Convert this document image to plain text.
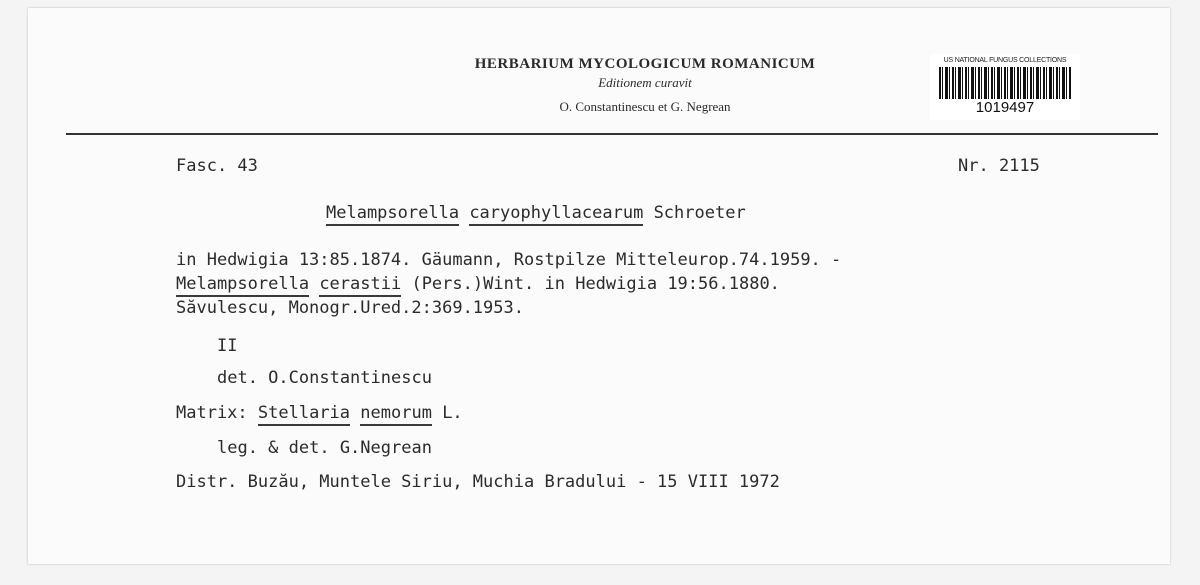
HERBARIUM MYCOLOGICUM ROMANICUM
Editionem curavit
O. Constantinescu et G. Negrean
US NATIONAL FUNGUS COLLECTIONS
1019497
Fasc. 43	Nr. 2115
Melampsorella caryophyllacearum Schroeter
in Hedwigia 13:85.1874. Gäumann, Rostpilze Mitteleurop.74.1959. -
Melampsorella cerastii (Pers.)Wint. in Hedwigia 19:56.1880.
Săvulescu, Monogr.Ured.2:369.1953.
II
det. O.Constantinescu
Matrix: Stellaria nemorum L.
leg. & det. G.Negrean
Distr. Buzău, Muntele Siriu, Muchia Bradului - 15 VIII 1972
